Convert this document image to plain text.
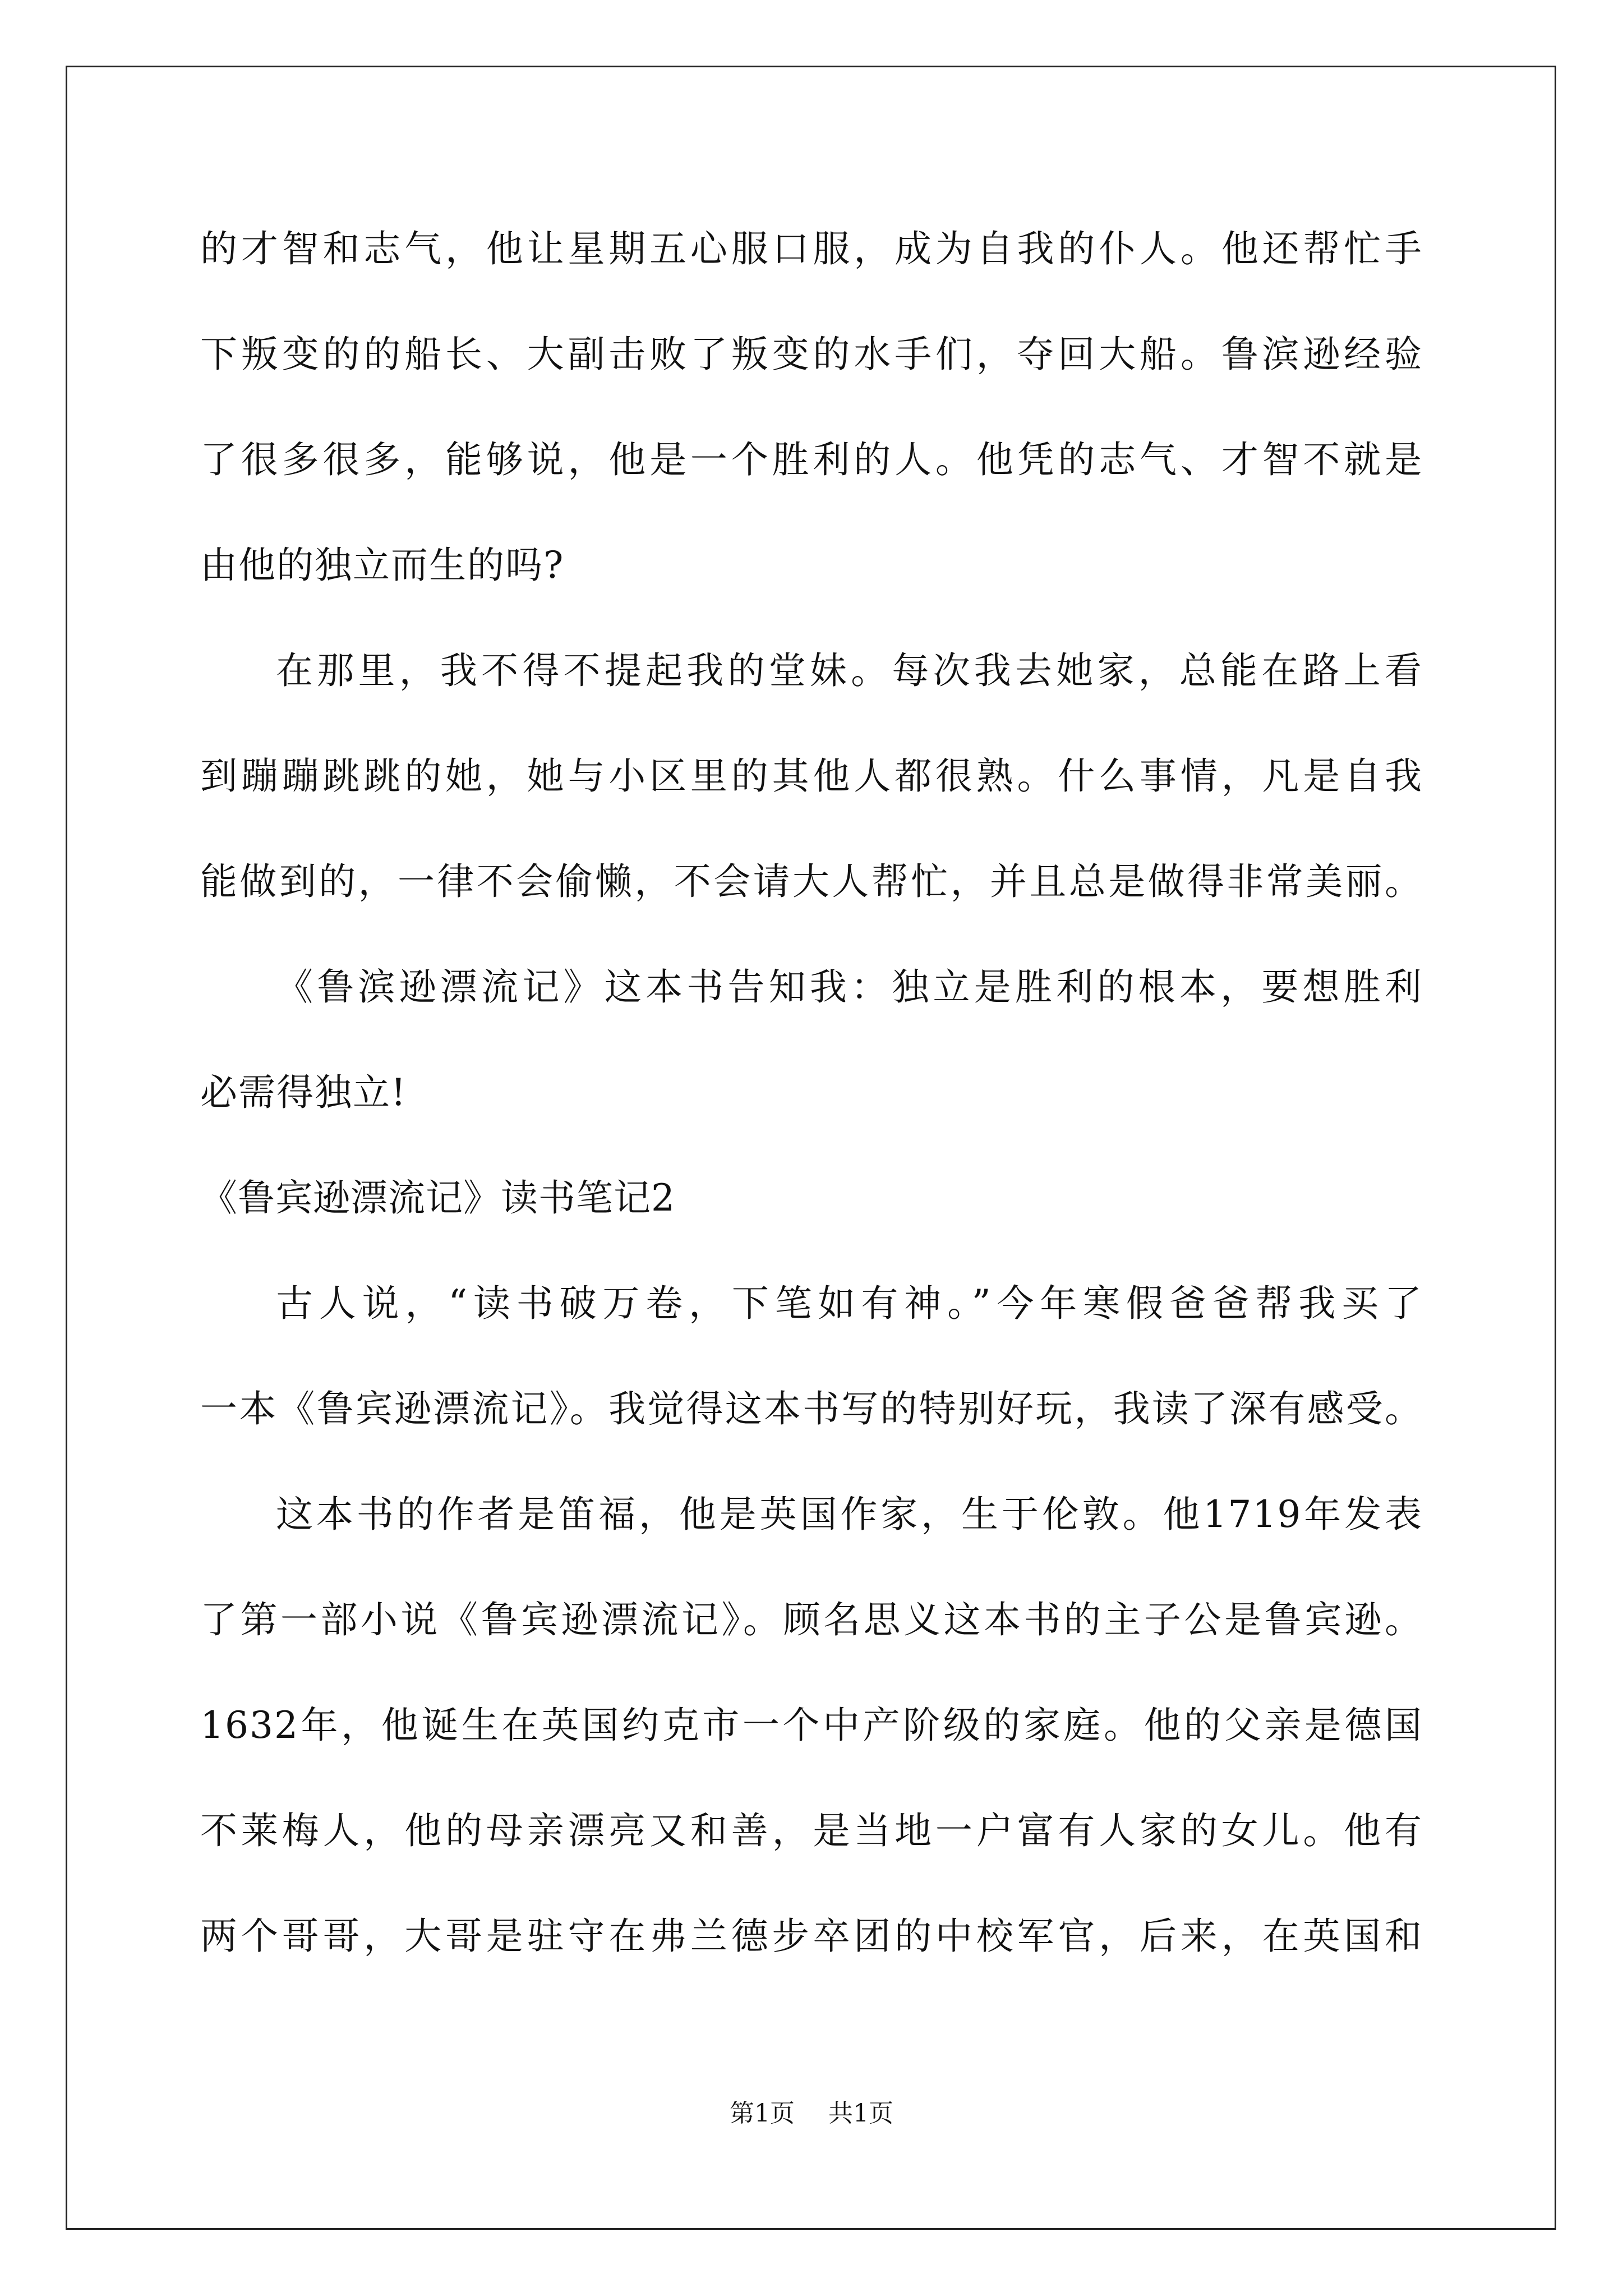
的才智和志气，他让星期五心服口服，成为自我的仆人。他还帮忙手
下叛变的的船长、大副击败了叛变的水手们，夺回大船。鲁滨逊经验
了很多很多，能够说，他是一个胜利的人。他凭的志气、才智不就是
由他的独立而生的吗?
在那里，我不得不提起我的堂妹。每次我去她家，总能在路上看
到蹦蹦跳跳的她，她与小区里的其他人都很熟。什么事情，凡是自我
能做到的，一律不会偷懒，不会请大人帮忙，并且总是做得非常美丽。
《鲁滨逊漂流记》这本书告知我：独立是胜利的根本，要想胜利
必需得独立!
《鲁宾逊漂流记》读书笔记2
古人说，“读书破万卷，下笔如有神。”今年寒假爸爸帮我买了
一本《鲁宾逊漂流记》。我觉得这本书写的特别好玩，我读了深有感受。
这本书的作者是笛福，他是英国作家，生于伦敦。他1719年发表
了第一部小说《鲁宾逊漂流记》。顾名思义这本书的主子公是鲁宾逊。
1632年，他诞生在英国约克市一个中产阶级的家庭。他的父亲是德国
不莱梅人，他的母亲漂亮又和善，是当地一户富有人家的女儿。他有
两个哥哥，大哥是驻守在弗兰德步卒团的中校军官，后来，在英国和
第1页 共1页
